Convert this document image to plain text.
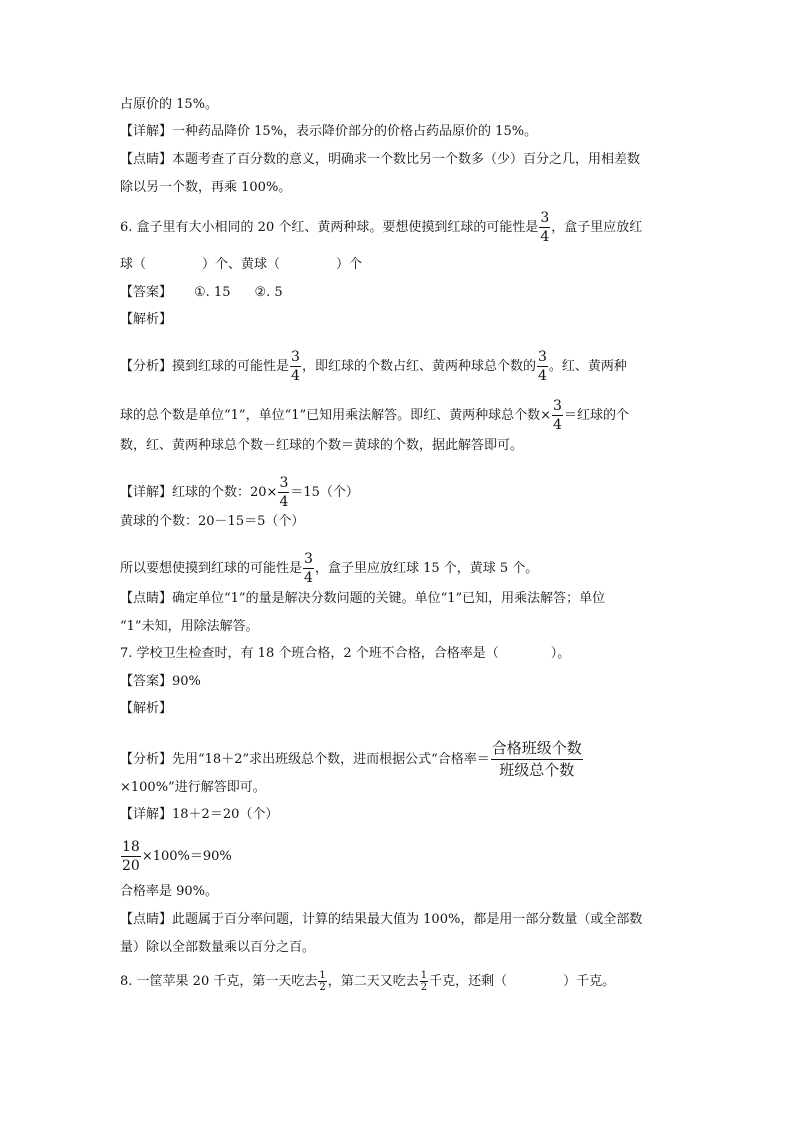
占原价的 15%。
【详解】一种药品降价 15%，表示降价部分的价格占药品原价的 15%。
【点睛】本题考查了百分数的意义，明确求一个数比另一个数多（少）百分之几，用相差数
除以另一个数，再乘 100%。
6. 盒子里有大小相同的 20 个红、黄两种球。要想使摸到红球的可能性是 $\frac{3}{4}$ ，盒子里应放红
球（	）个、黄球（	）个
【答案】 ①. 15 ②. 5
【解析】
【分析】摸到红球的可能性是 $\frac{3}{4}$ ，即红球的个数占红、黄两种球总个数的 $\frac{3}{4}$ 。红、黄两种
球的总个数是单位“1”，单位“1”已知用乘法解答。即红、黄两种球总个数× $\frac{3}{4}$ ＝红球的个
数，红、黄两种球总个数－红球的个数＝黄球的个数，据此解答即可。
【详解】红球的个数：$20\times \frac{3}{4} =15$（个）
黄球的个数：20－15＝5（个）
所以要想使摸到红球的可能性是 $\frac{3}{4}$ ，盒子里应放红球 15 个，黄球 5 个。
【点睛】确定单位“1”的量是解决分数问题的关键。单位“1”已知，用乘法解答；单位
“1”未知，用除法解答。
7. 学校卫生检查时，有 18 个班合格，2 个班不合格，合格率是（	）。
【答案】90%
【解析】
【分析】先用“18＋2”求出班级总个数，进而根据公式“合格率＝ $\frac{\text{合格班级个数}}{\text{班级总个数}}$
×100%”进行解答即可。
【详解】18＋2＝20（个）
$\frac{18}{20} \times 100\%=90\%$
合格率是 90%。
【点睛】此题属于百分率问题，计算的结果最大值为 100%，都是用一部分数量（或全部数
量）除以全部数量乘以百分之百。
8. 一筐苹果 20 千克，第一天吃去 $\frac{1}{2}$ ，第二天又吃去 $\frac{1}{2}$ 千克，还剩（	）千克。
